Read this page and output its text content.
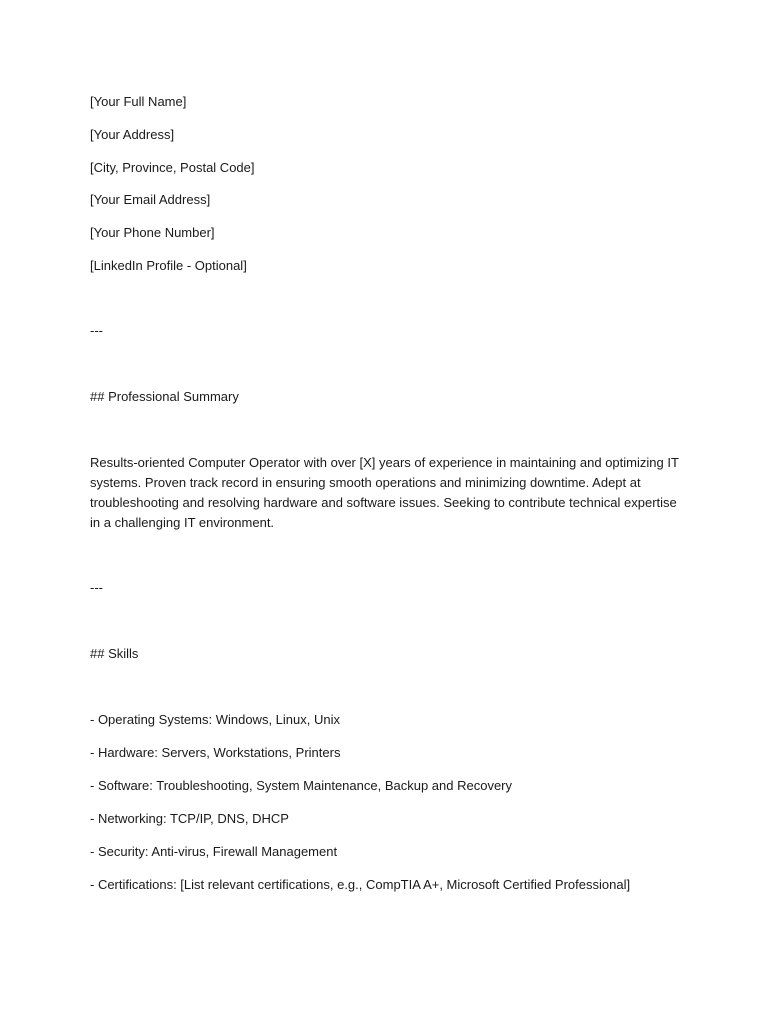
[Your Full Name]

[Your Address]

[City, Province, Postal Code]

[Your Email Address]

[Your Phone Number]

[LinkedIn Profile - Optional]

---

## Professional Summary

Results-oriented Computer Operator with over [X] years of experience in maintaining and optimizing IT systems. Proven track record in ensuring smooth operations and minimizing downtime. Adept at troubleshooting and resolving hardware and software issues. Seeking to contribute technical expertise in a challenging IT environment.

---

## Skills

- Operating Systems: Windows, Linux, Unix
- Hardware: Servers, Workstations, Printers
- Software: Troubleshooting, System Maintenance, Backup and Recovery
- Networking: TCP/IP, DNS, DHCP
- Security: Anti-virus, Firewall Management
- Certifications: [List relevant certifications, e.g., CompTIA A+, Microsoft Certified Professional]
